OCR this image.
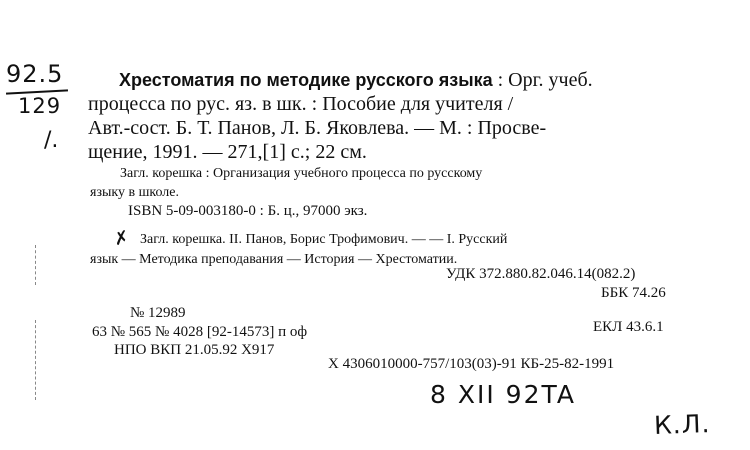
92.5
129
/.
Хрестоматия по методике русского языка : Орг. учеб.
процесса по рус. яз. в шк. : Пособие для учителя /
Авт.-сост. Б. Т. Панов, Л. Б. Яковлева. — М. : Просве-
щение, 1991. — 271,[1] с.; 22 см.
Загл. корешка : Организация учебного процесса по русскому
языку в школе.
ISBN 5-09-003180-0 : Б. ц., 97000 экз.
✗ Загл. корешка. II. Панов, Борис Трофимович. — — I. Русский
язык — Методика преподавания — История — Хрестоматии.
УДК 372.880.82.046.14(082.2)
ББК 74.26
№ 12989
63 № 565 № 4028 [92-14573] п оф	ЕКЛ 43.6.1
НПО ВКП 21.05.92 X917
X 4306010000-757/103(03)-91 КБ-25-82-1991
8 XII 92TA
К.Л.
